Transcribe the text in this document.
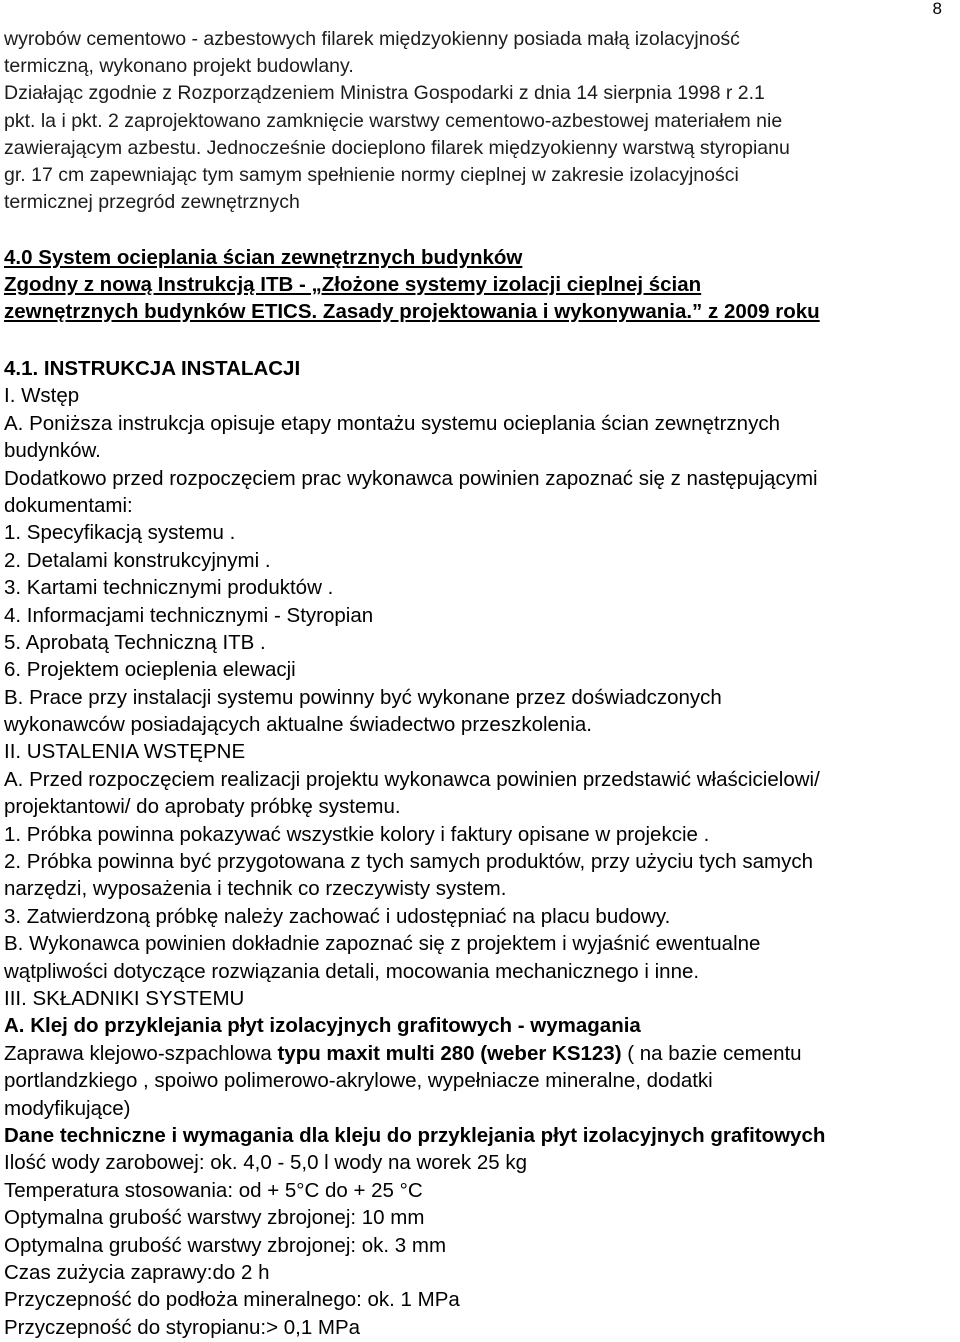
8
wyrobów cementowo - azbestowych filarek międzyokienny posiada małą izolacyjność
termiczną, wykonano projekt budowlany.
Działając zgodnie z Rozporządzeniem Ministra Gospodarki z dnia 14 sierpnia 1998 r 2.1
pkt. la i pkt. 2 zaprojektowano zamknięcie warstwy cementowo-azbestowej materiałem nie
zawierającym azbestu. Jednocześnie docieplono filarek międzyokienny warstwą styropianu
gr. 17 cm zapewniając tym samym spełnienie normy cieplnej w zakresie izolacyjności
termicznej przegród zewnętrznych
4.0 System ocieplania ścian zewnętrznych budynków
Zgodny z nową Instrukcją ITB - „Złożone systemy izolacji cieplnej ścian
zewnętrznych budynków ETICS. Zasady projektowania i wykonywania.” z 2009 roku
4.1. INSTRUKCJA INSTALACJI
I. Wstęp
A. Poniższa instrukcja opisuje etapy montażu systemu ocieplania ścian zewnętrznych
budynków.
Dodatkowo przed rozpoczęciem prac wykonawca powinien zapoznać się z następującymi
dokumentami:
1. Specyfikacją systemu .
2. Detalami konstrukcyjnymi .
3. Kartami technicznymi produktów .
4. Informacjami technicznymi - Styropian
5. Aprobatą Techniczną ITB .
6. Projektem ocieplenia elewacji
B. Prace przy instalacji systemu powinny być wykonane przez doświadczonych
wykonawców posiadających aktualne świadectwo przeszkolenia.
II. USTALENIA WSTĘPNE
A. Przed rozpoczęciem realizacji projektu wykonawca powinien przedstawić właścicielowi/
projektantowi/ do aprobaty próbkę systemu.
1. Próbka powinna pokazywać wszystkie kolory i faktury opisane w projekcie .
2. Próbka powinna być przygotowana z tych samych produktów, przy użyciu tych samych
narzędzi, wyposażenia i technik co rzeczywisty system.
3. Zatwierdzoną próbkę należy zachować i udostępniać na placu budowy.
B. Wykonawca powinien dokładnie zapoznać się z projektem i wyjaśnić ewentualne
wątpliwości dotyczące rozwiązania detali, mocowania mechanicznego i inne.
III. SKŁADNIKI SYSTEMU
A. Klej do przyklejania płyt izolacyjnych grafitowych - wymagania
Zaprawa klejowo-szpachlowa typu maxit multi 280 (weber KS123) ( na bazie cementu
portlandzkiego , spoiwo polimerowo-akrylowe, wypełniacze mineralne, dodatki
modyfikujące)
Dane techniczne i wymagania dla kleju do przyklejania płyt izolacyjnych grafitowych
Ilość wody zarobowej: ok. 4,0 - 5,0 l wody na worek 25 kg
Temperatura stosowania: od + 5°C do + 25 °C
Optymalna grubość warstwy zbrojonej: 10 mm
Optymalna grubość warstwy zbrojonej: ok. 3 mm
Czas zużycia zaprawy:do 2 h
Przyczepność do podłoża mineralnego: ok. 1 MPa
Przyczepność do styropianu:> 0,1 MPa
